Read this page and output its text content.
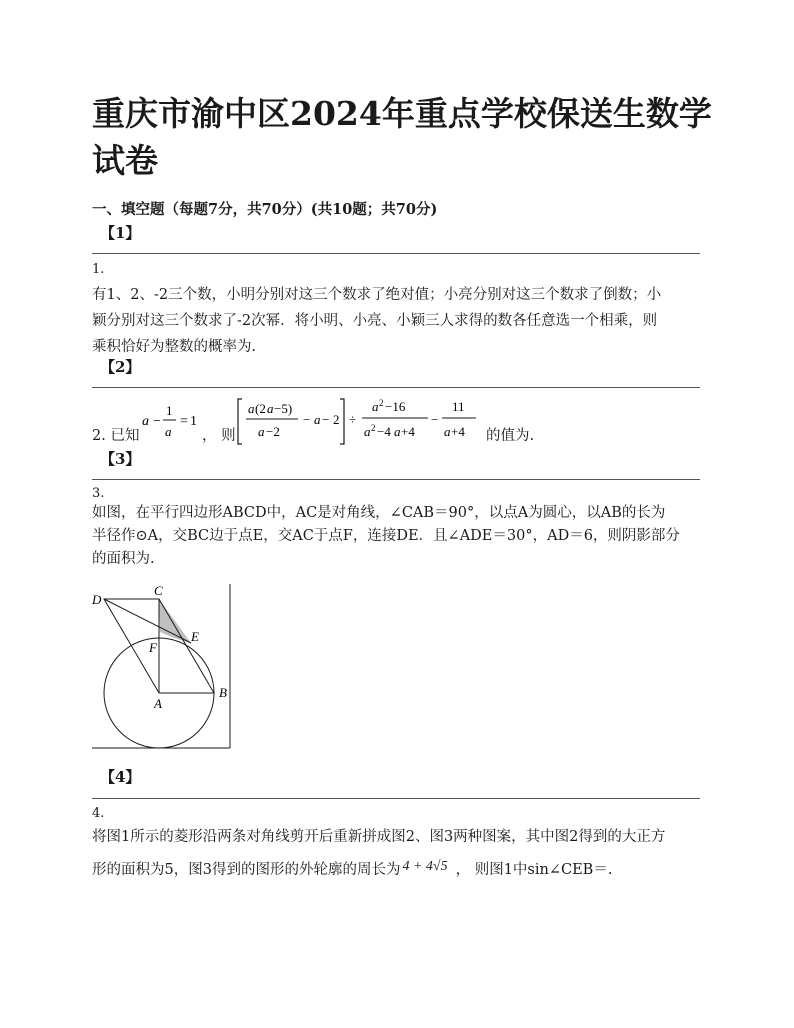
重庆市渝中区2024年重点学校保送生数学试卷
一、填空题（每题7分，共70分）(共10题；共70分)
【1】
1.
有1、2、-2三个数，小明分别对这三个数求了绝对值；小亮分别对这三个数求了倒数；小
颖分别对这三个数求了-2次幂．将小明、小亮、小颖三人求得的数各任意选一个相乘，则
乘积恰好为整数的概率为.
【2】
2. 已知
a −
1
a
= 1
， 则
a (2 a −5)
a −2
− a − 2 ÷
a 2 −16
a 2 −4 a +4
−
11
a +4 的值为.
【3】
3.
如图，在平行四边形ABCD中，AC是对角线，∠CAB＝90°，以点A为圆心，以AB的长为
半径作⊙A，交BC边于点E，交AC于点F，连接DE．且∠ADE＝30°，AD＝6，则阴影部分
的面积为.
D
C
E
F
A
B
【4】
4.
将图1所示的菱形沿两条对角线剪开后重新拼成图2、图3两种图案，其中图2得到的大正方
形的面积为5，图3得到的图形的外轮廓的周长为 4 + 4√5 ， 则图1中sin∠CEB＝.
